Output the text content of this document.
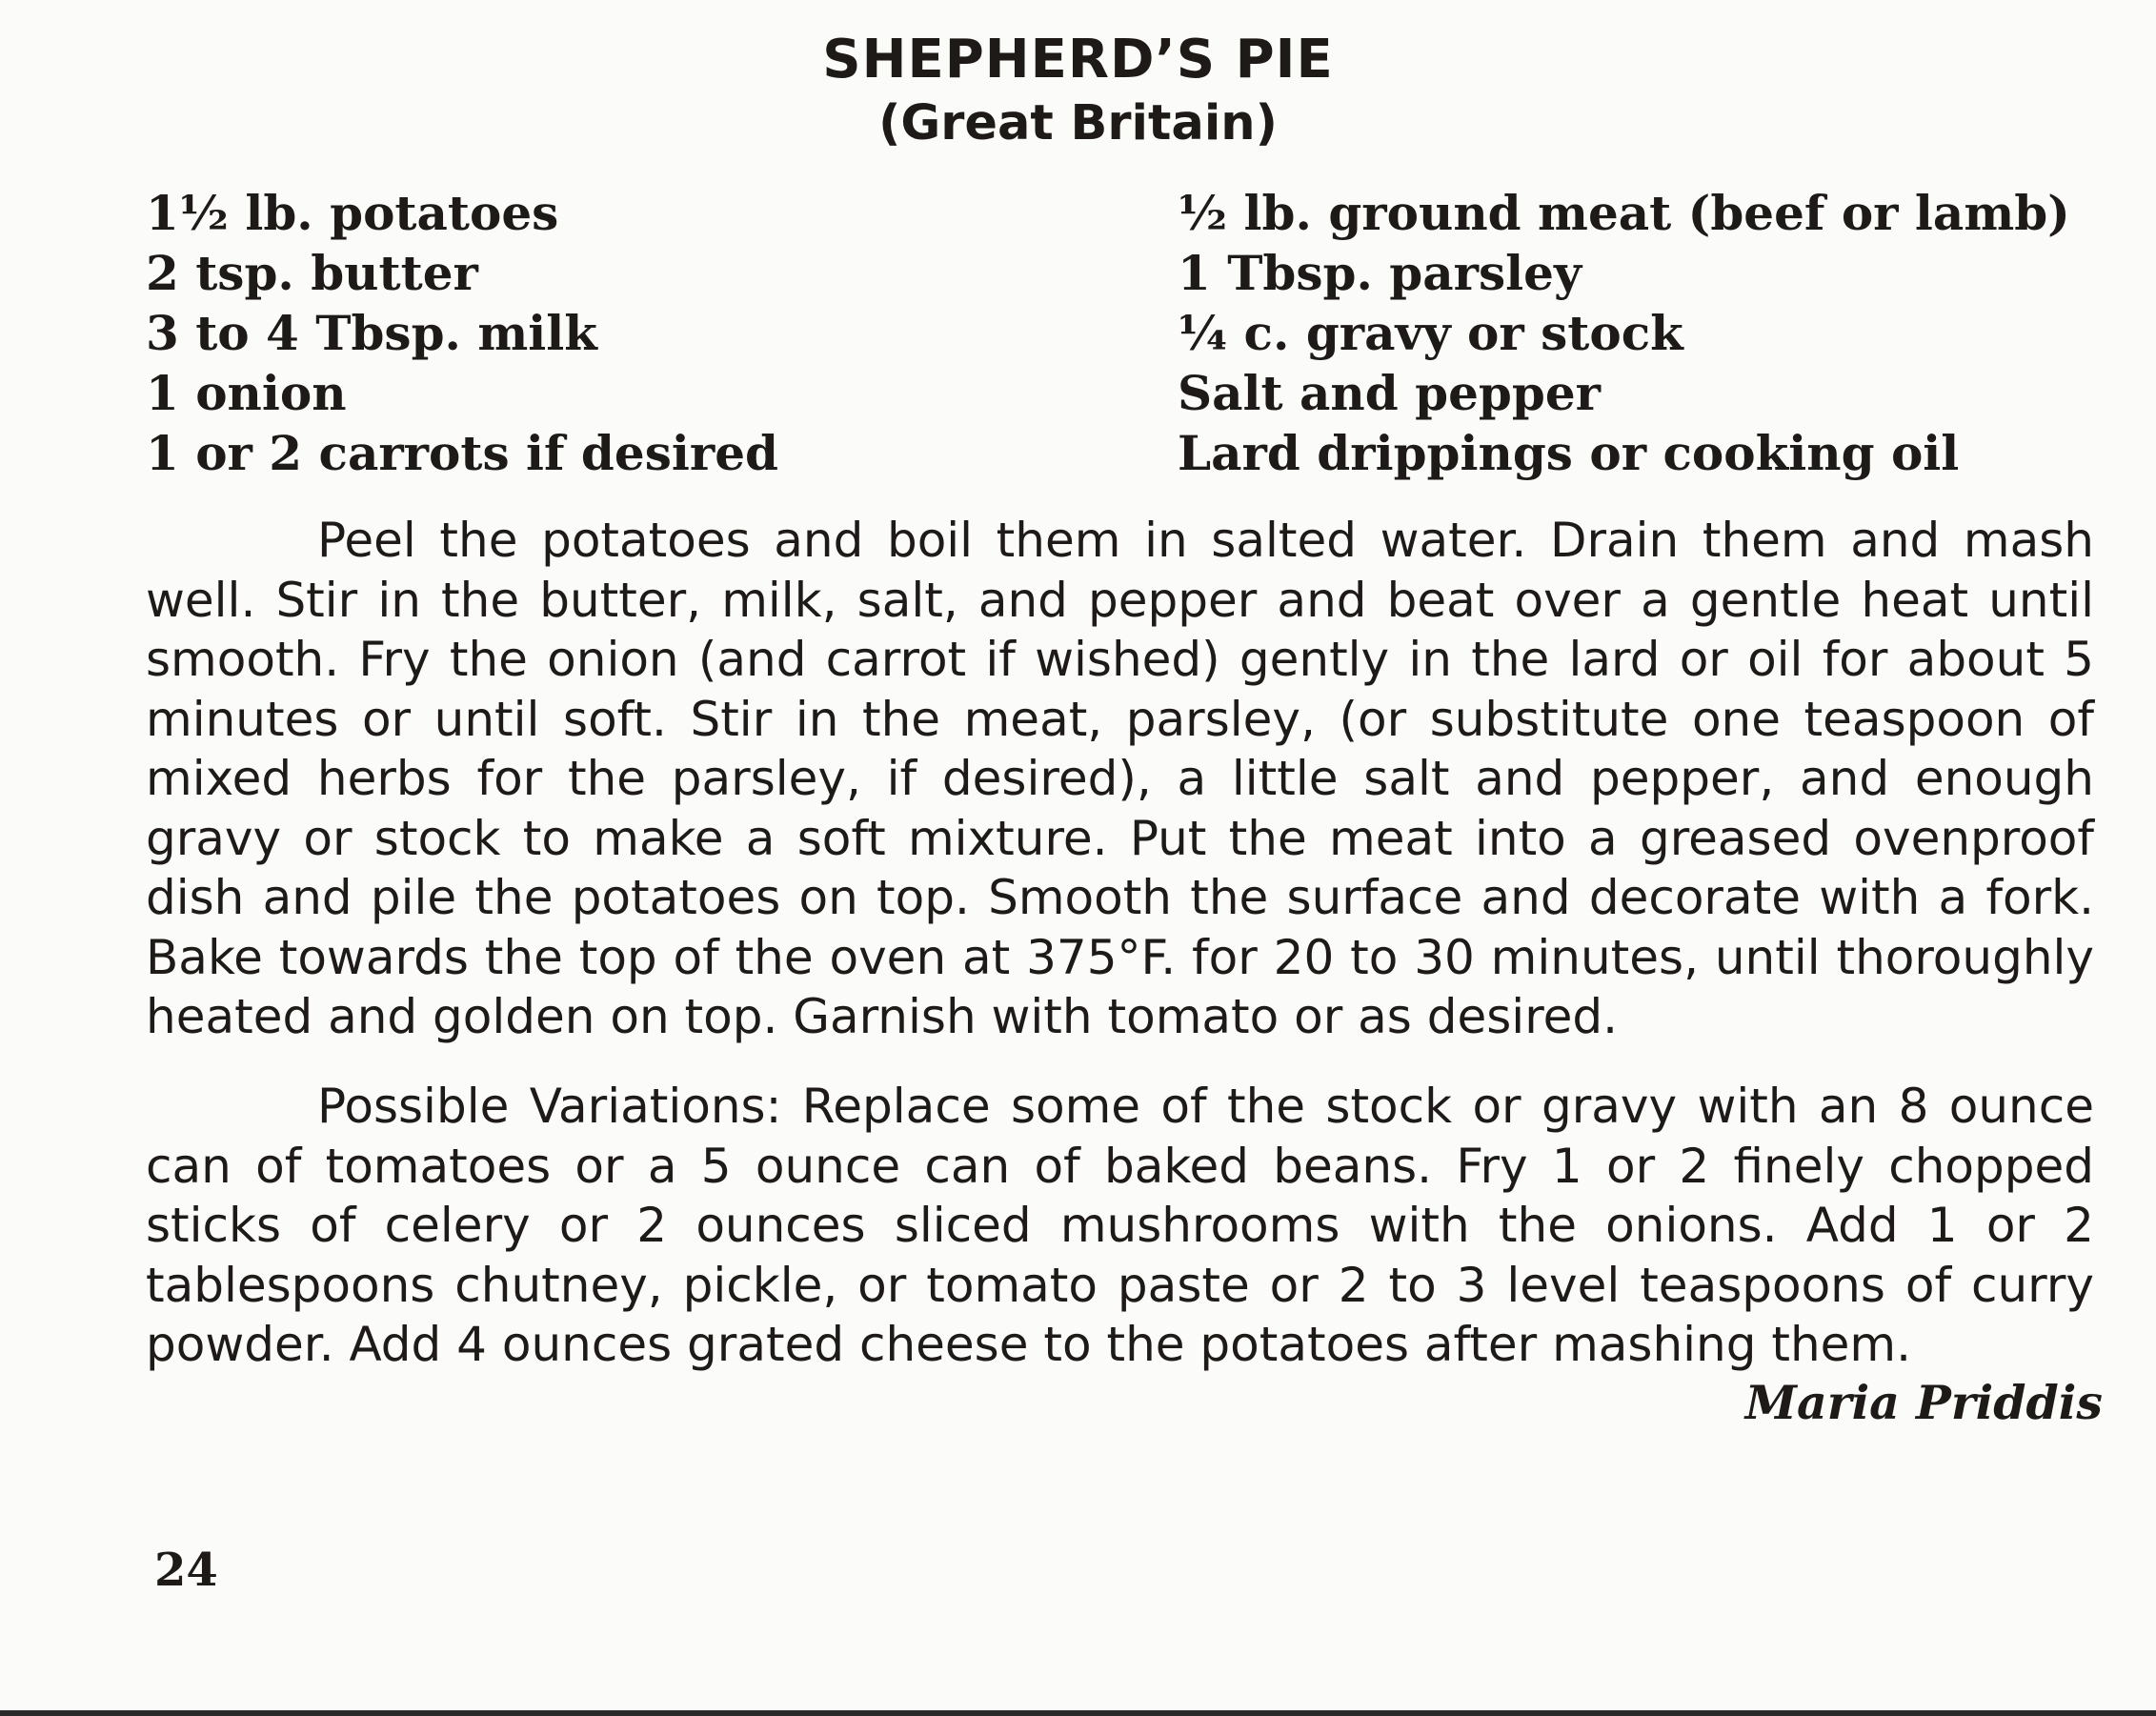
SHEPHERD’S PIE
(Great Britain)
1½ lb. potatoes
2 tsp. butter
3 to 4 Tbsp. milk
1 onion
1 or 2 carrots if desired
½ lb. ground meat (beef or lamb)
1 Tbsp. parsley
¼ c. gravy or stock
Salt and pepper
Lard drippings or cooking oil

Peel the potatoes and boil them in salted water. Drain them and mash well. Stir in the butter, milk, salt, and pepper and beat over a gentle heat until smooth. Fry the onion (and carrot if wished) gently in the lard or oil for about 5 minutes or until soft. Stir in the meat, parsley, (or substitute one teaspoon of mixed herbs for the parsley, if desired), a little salt and pepper, and enough gravy or stock to make a soft mixture. Put the meat into a greased ovenproof dish and pile the potatoes on top. Smooth the surface and decorate with a fork. Bake towards the top of the oven at 375°F. for 20 to 30 minutes, until thoroughly heated and golden on top. Garnish with tomato or as desired.

Possible Variations: Replace some of the stock or gravy with an 8 ounce can of tomatoes or a 5 ounce can of baked beans. Fry 1 or 2 finely chopped sticks of celery or 2 ounces sliced mushrooms with the onions. Add 1 or 2 tablespoons chutney, pickle, or tomato paste or 2 to 3 level teaspoons of curry powder. Add 4 ounces grated cheese to the potatoes after mashing them.

Maria Priddis

24
